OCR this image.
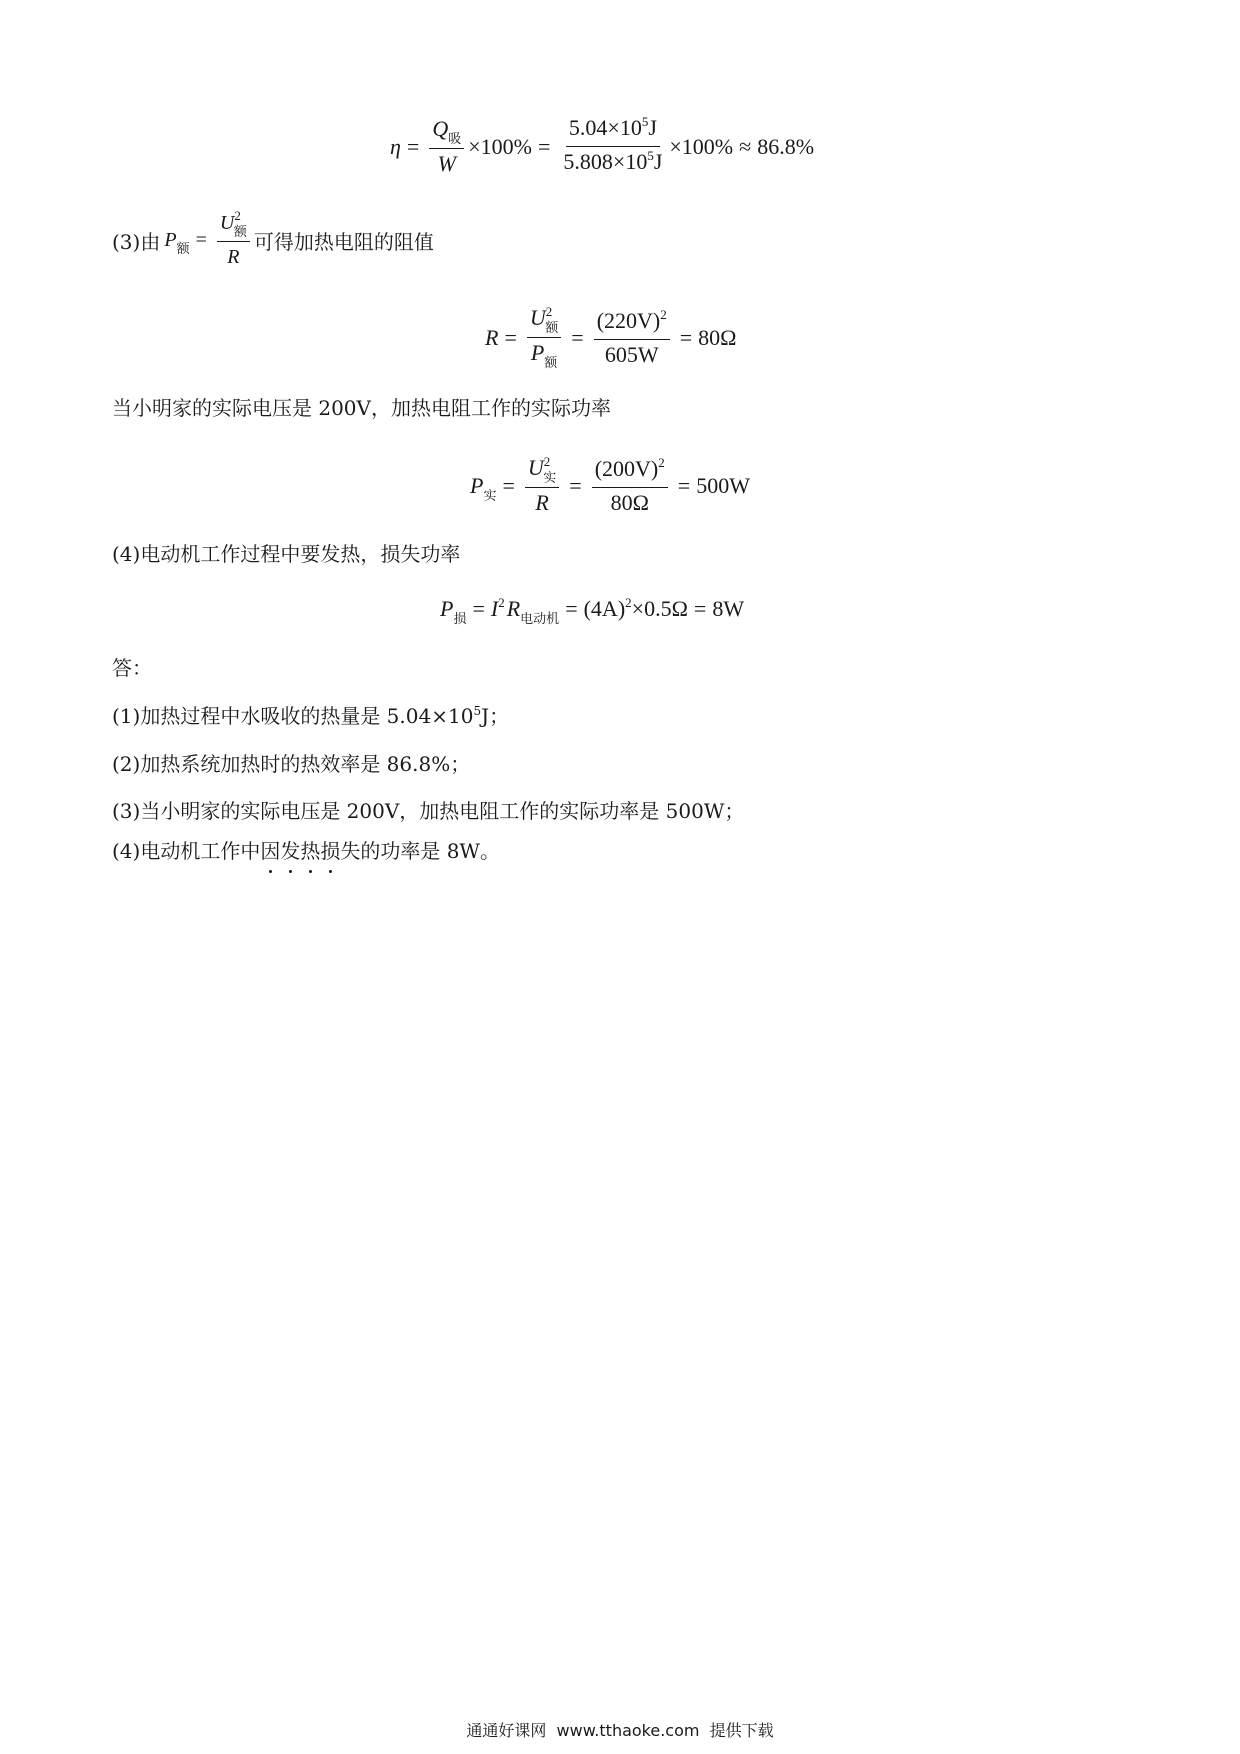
$\eta = \frac{Q_吸}{W} \times 100\% = \frac{5.04\times 10^5J}{5.808\times 10^5J} \times 100\% \approx 86.8\%$
(3)由 $P_额 = \frac{U^2_额}{R}$ 可得加热电阻的阻值
$R = \frac{U^2_额}{P_额} = \frac{(220V)^2}{605W} = 80\Omega$
当小明家的实际电压是 200V，加热电阻工作的实际功率
$P_实 = \frac{U^2_实}{R} = \frac{(200V)^2}{80\Omega} = 500W$
(4)电动机工作过程中要发热，损失功率
$P_损 = I^2$ $R_{电动机} = (4A)^2 \times 0.5\Omega = 8W$
答：
(1)加热过程中水吸收的热量是 $5.04\times 10^5J$；
(2)加热系统加热时的热效率是 86.8%；
(3)当小明家的实际电压是 200V，加热电阻工作的实际功率是 500W；
(4)电动机工作中因发热损失的功率是 8W。
通通好课网  www.tthaoke.com  提供下载
